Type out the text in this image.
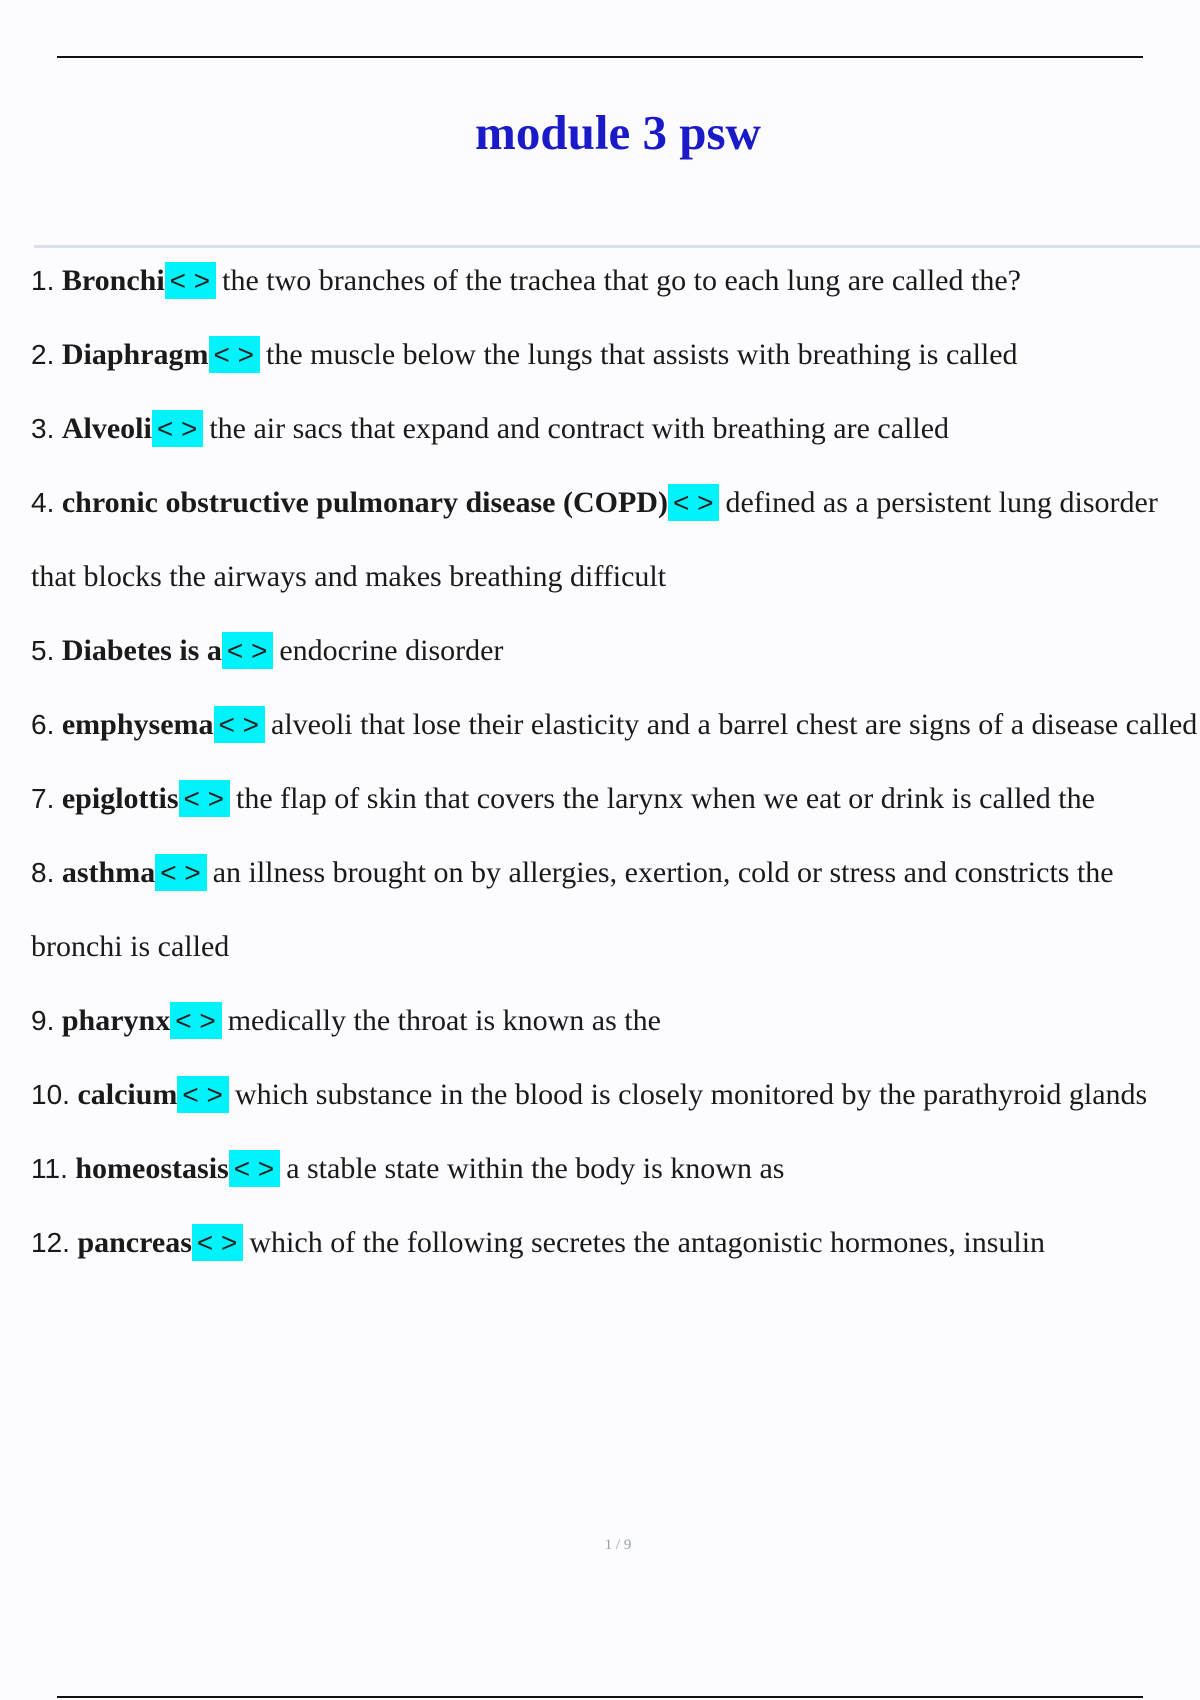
module 3 psw
1. Bronchi < > the two branches of the trachea that go to each lung are called the?
2. Diaphragm < > the muscle below the lungs that assists with breathing is called
3. Alveoli < > the air sacs that expand and contract with breathing are called
4. chronic obstructive pulmonary disease (COPD) < > defined as a persistent lung disorder that blocks the airways and makes breathing difficult
5. Diabetes is a < > endocrine disorder
6. emphysema < > alveoli that lose their elasticity and a barrel chest are signs of a disease called
7. epiglottis < > the flap of skin that covers the larynx when we eat or drink is called the
8. asthma < > an illness brought on by allergies, exertion, cold or stress and constricts the bronchi is called
9. pharynx < > medically the throat is known as the
10. calcium < > which substance in the blood is closely monitored by the parathyroid glands
11. homeostasis < > a stable state within the body is known as
12. pancreas < > which of the following secretes the antagonistic hormones, insulin
1 / 9
